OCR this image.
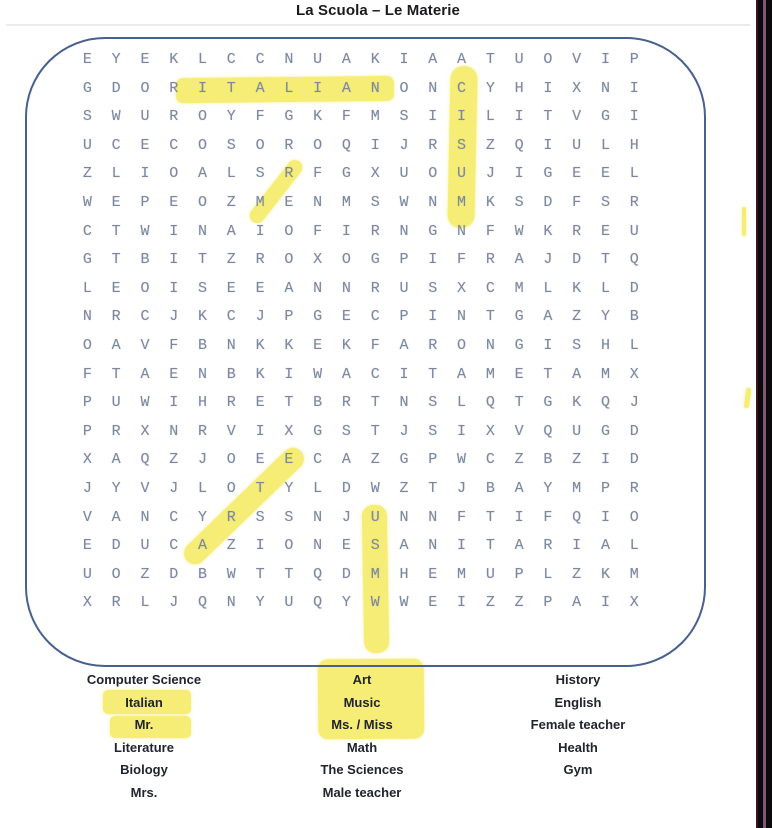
La Scuola – Le Materie
E	Y	E	K	L	C	C	N	U	A	K	I	A	A	T	U	O	V	I	P
G	D	O	R	I	T	A	L	I	A	N	O	N	C	Y	H	I	X	N	I
S	W	U	R	O	Y	F	G	K	F	M	S	I	I	L	I	T	V	G	I
U	C	E	C	O	S	O	R	O	Q	I	J	R	S	Z	Q	I	U	L	H
Z	L	I	O	A	L	S	R	F	G	X	U	O	U	J	I	G	E	E	L
W	E	P	E	O	Z	M	E	N	M	S	W	N	M	K	S	D	F	S	R
C	T	W	I	N	A	I	O	F	I	R	N	G	N	F	W	K	R	E	U
G	T	B	I	T	Z	R	O	X	O	G	P	I	F	R	A	J	D	T	Q
L	E	O	I	S	E	E	A	N	N	R	U	S	X	C	M	L	K	L	D
N	R	C	J	K	C	J	P	G	E	C	P	I	N	T	G	A	Z	Y	B
O	A	V	F	B	N	K	K	E	K	F	A	R	O	N	G	I	S	H	L
F	T	A	E	N	B	K	I	W	A	C	I	T	A	M	E	T	A	M	X
P	U	W	I	H	R	E	T	B	R	T	N	S	L	Q	T	G	K	Q	J
P	R	X	N	R	V	I	X	G	S	T	J	S	I	X	V	Q	U	G	D
X	A	Q	Z	J	O	E	E	C	A	Z	G	P	W	C	Z	B	Z	I	D
J	Y	V	J	L	O	T	Y	L	D	W	Z	T	J	B	A	Y	M	P	R
V	A	N	C	Y	R	S	S	N	J	U	N	N	F	T	I	F	Q	I	O
E	D	U	C	A	Z	I	O	N	E	S	A	N	I	T	A	R	I	A	L
U	O	Z	D	B	W	T	T	Q	D	M	H	E	M	U	P	L	Z	K	M
X	R	L	J	Q	N	Y	U	Q	Y	W	W	E	I	Z	Z	P	A	I	X
Computer Science
Italian
Mr.
Literature
Biology
Mrs.
Art
Music
Ms. / Miss
Math
The Sciences
Male teacher
History
English
Female teacher
Health
Gym
